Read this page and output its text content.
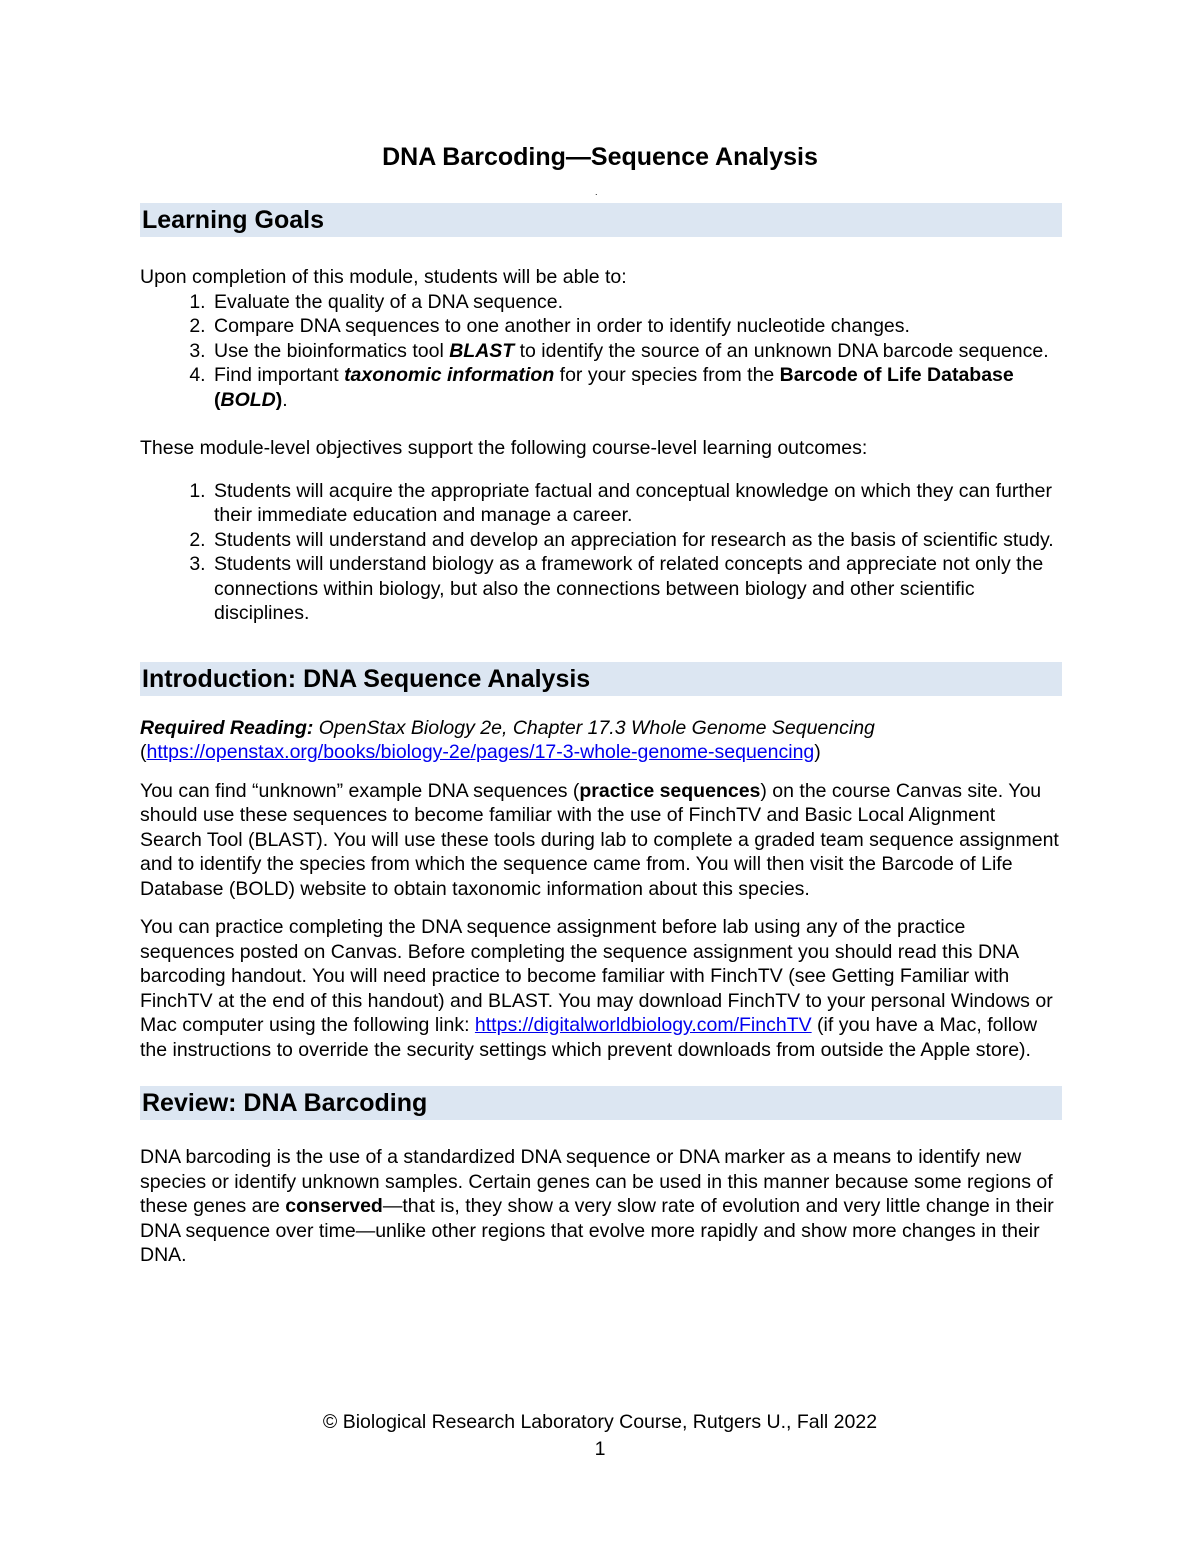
DNA Barcoding—Sequence Analysis
.
Learning Goals

Upon completion of this module, students will be able to:

1. Evaluate the quality of a DNA sequence.
2. Compare DNA sequences to one another in order to identify nucleotide changes.
3. Use the bioinformatics tool BLAST to identify the source of an unknown DNA barcode sequence.
4. Find important taxonomic information for your species from the Barcode of Life Database (BOLD).

These module-level objectives support the following course-level learning outcomes:

1. Students will acquire the appropriate factual and conceptual knowledge on which they can further their immediate education and manage a career.
2. Students will understand and develop an appreciation for research as the basis of scientific study.
3. Students will understand biology as a framework of related concepts and appreciate not only the connections within biology, but also the connections between biology and other scientific disciplines.
Introduction: DNA Sequence Analysis

Required Reading: OpenStax Biology 2e, Chapter 17.3 Whole Genome Sequencing
(https://openstax.org/books/biology-2e/pages/17-3-whole-genome-sequencing)

You can find “unknown” example DNA sequences (practice sequences) on the course Canvas site. You should use these sequences to become familiar with the use of FinchTV and Basic Local Alignment Search Tool (BLAST). You will use these tools during lab to complete a graded team sequence assignment and to identify the species from which the sequence came from. You will then visit the Barcode of Life Database (BOLD) website to obtain taxonomic information about this species.

You can practice completing the DNA sequence assignment before lab using any of the practice sequences posted on Canvas. Before completing the sequence assignment you should read this DNA barcoding handout. You will need practice to become familiar with FinchTV (see Getting Familiar with FinchTV at the end of this handout) and BLAST. You may download FinchTV to your personal Windows or Mac computer using the following link: https://digitalworldbiology.com/FinchTV (if you have a Mac, follow the instructions to override the security settings which prevent downloads from outside the Apple store).

Review: DNA Barcoding

DNA barcoding is the use of a standardized DNA sequence or DNA marker as a means to identify new species or identify unknown samples. Certain genes can be used in this manner because some regions of these genes are conserved—that is, they show a very slow rate of evolution and very little change in their DNA sequence over time—unlike other regions that evolve more rapidly and show more changes in their DNA.

© Biological Research Laboratory Course, Rutgers U., Fall 2022
1
